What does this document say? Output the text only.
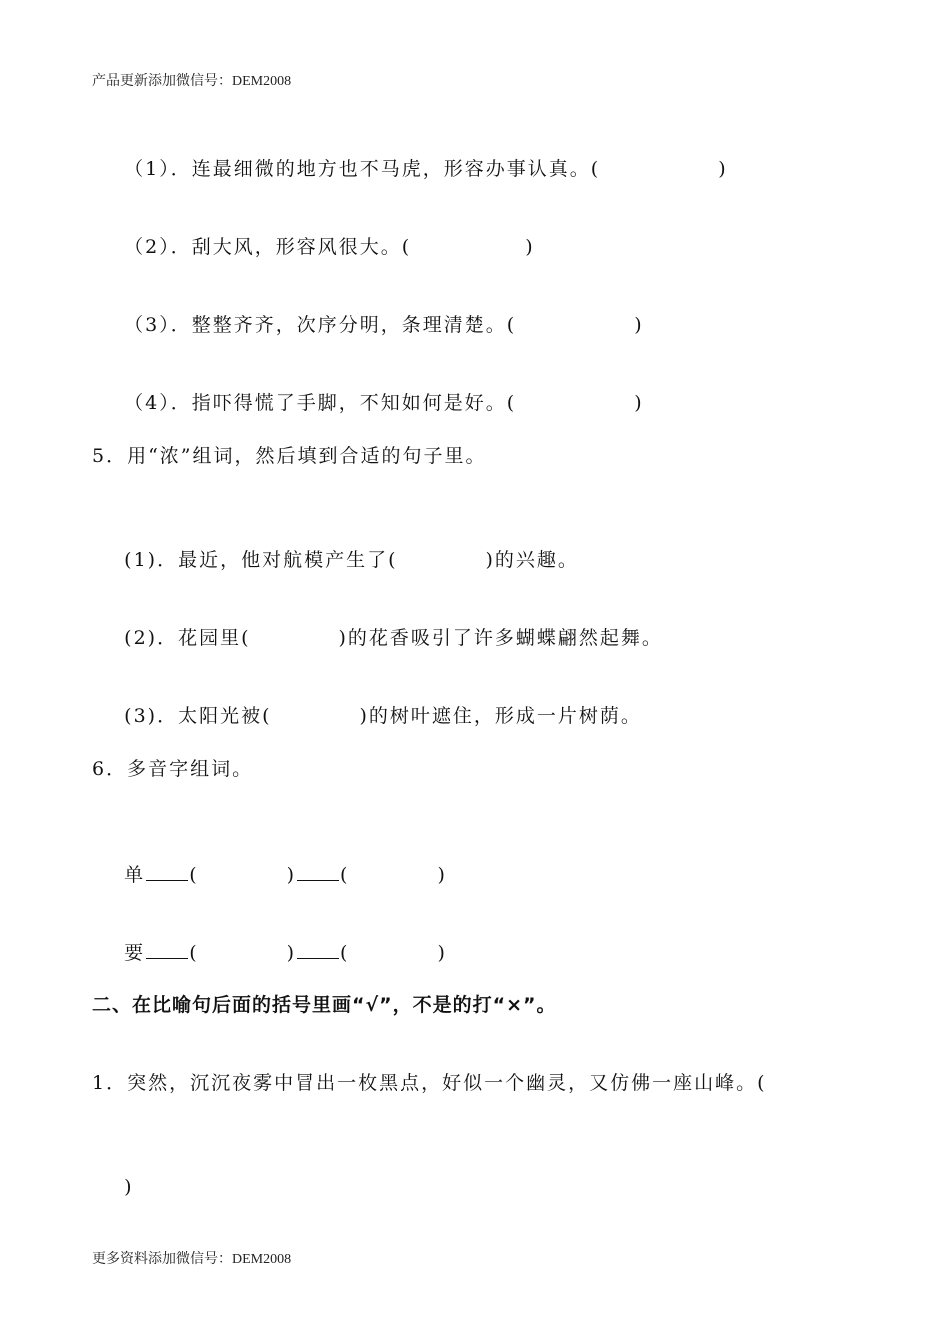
产品更新添加微信号：DEM2008

（1）．连最细微的地方也不马虎，形容办事认真。(	)

（2）．刮大风，形容风很大。(	)

（3）．整整齐齐，次序分明，条理清楚。(	)

（4）．指吓得慌了手脚，不知如何是好。(	)

5．用“浓”组词，然后填到合适的句子里。

(1)．最近，他对航模产生了(	)的兴趣。

(2)．花园里(	)的花香吸引了许多蝴蝶翩然起舞。

(3)．太阳光被(	)的树叶遮住，形成一片树荫。

6．多音字组词。

单 (	) (	)

要 (	) (	)

二、在比喻句后面的括号里画“√”，不是的打“×”。
1．突然，沉沉夜雾中冒出一枚黑点，好似一个幽灵，又仿佛一座山峰。(

)

更多资料添加微信号：DEM2008
